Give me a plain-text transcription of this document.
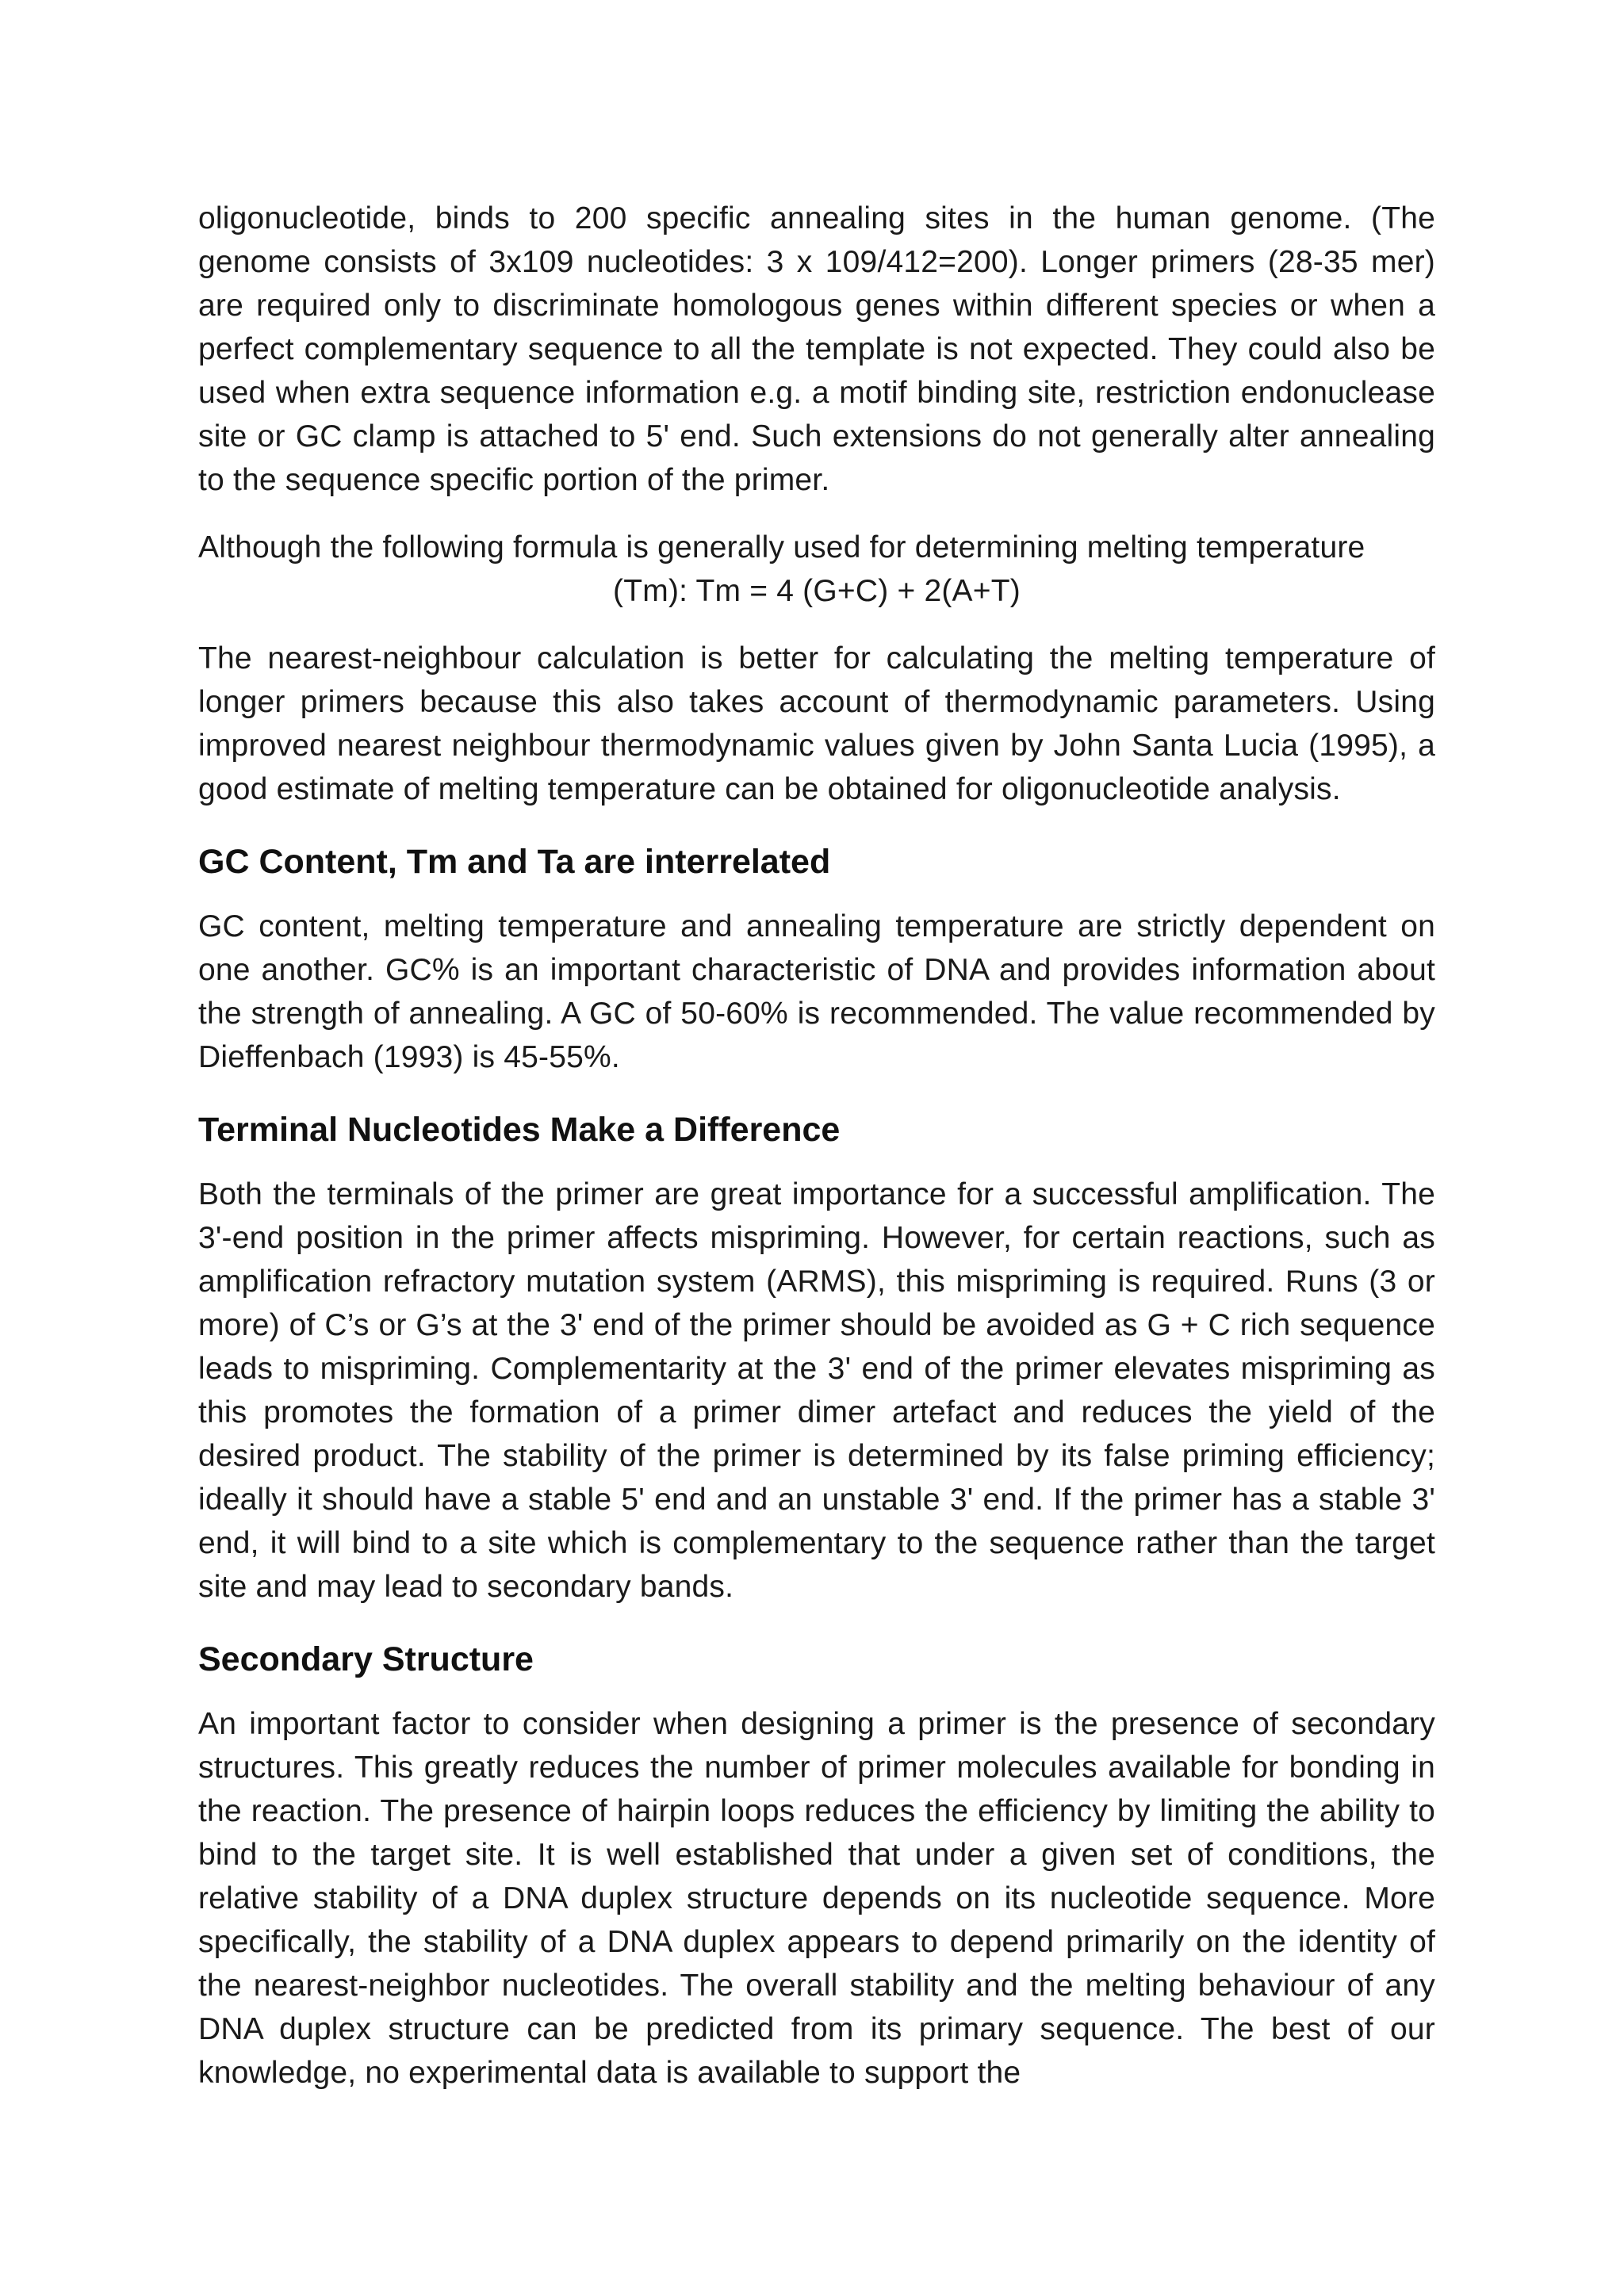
oligonucleotide, binds to 200 specific annealing sites in the human genome. (The genome consists of 3x109 nucleotides: 3 x 109/412=200). Longer primers (28-35 mer) are required only to discriminate homologous genes within different species or when a perfect complementary sequence to all the template is not expected. They could also be used when extra sequence information e.g. a motif binding site, restriction endonuclease site or GC clamp is attached to 5' end. Such extensions do not generally alter annealing to the sequence specific portion of the primer.

Although the following formula is generally used for determining melting temperature
(Tm): Tm = 4 (G+C) + 2(A+T)

The nearest-neighbour calculation is better for calculating the melting temperature of longer primers because this also takes account of thermodynamic parameters. Using improved nearest neighbour thermodynamic values given by John Santa Lucia (1995), a good estimate of melting temperature can be obtained for oligonucleotide analysis.

GC Content, Tm and Ta are interrelated

GC content, melting temperature and annealing temperature are strictly dependent on one another. GC% is an important characteristic of DNA and provides information about the strength of annealing. A GC of 50-60% is recommended. The value recommended by Dieffenbach (1993) is 45-55%.

Terminal Nucleotides Make a Difference

Both the terminals of the primer are great importance for a successful amplification. The 3'-end position in the primer affects mispriming. However, for certain reactions, such as amplification refractory mutation system (ARMS), this mispriming is required. Runs (3 or more) of C’s or G’s at the 3' end of the primer should be avoided as G + C rich sequence leads to mispriming. Complementarity at the 3' end of the primer elevates mispriming as this promotes the formation of a primer dimer artefact and reduces the yield of the desired product. The stability of the primer is determined by its false priming efficiency; ideally it should have a stable 5' end and an unstable 3' end. If the primer has a stable 3' end, it will bind to a site which is complementary to the sequence rather than the target site and may lead to secondary bands.

Secondary Structure

An important factor to consider when designing a primer is the presence of secondary structures. This greatly reduces the number of primer molecules available for bonding in the reaction. The presence of hairpin loops reduces the efficiency by limiting the ability to bind to the target site. It is well established that under a given set of conditions, the relative stability of a DNA duplex structure depends on its nucleotide sequence. More specifically, the stability of a DNA duplex appears to depend primarily on the identity of the nearest-neighbor nucleotides. The overall stability and the melting behaviour of any DNA duplex structure can be predicted from its primary sequence. The best of our knowledge, no experimental data is available to support the
